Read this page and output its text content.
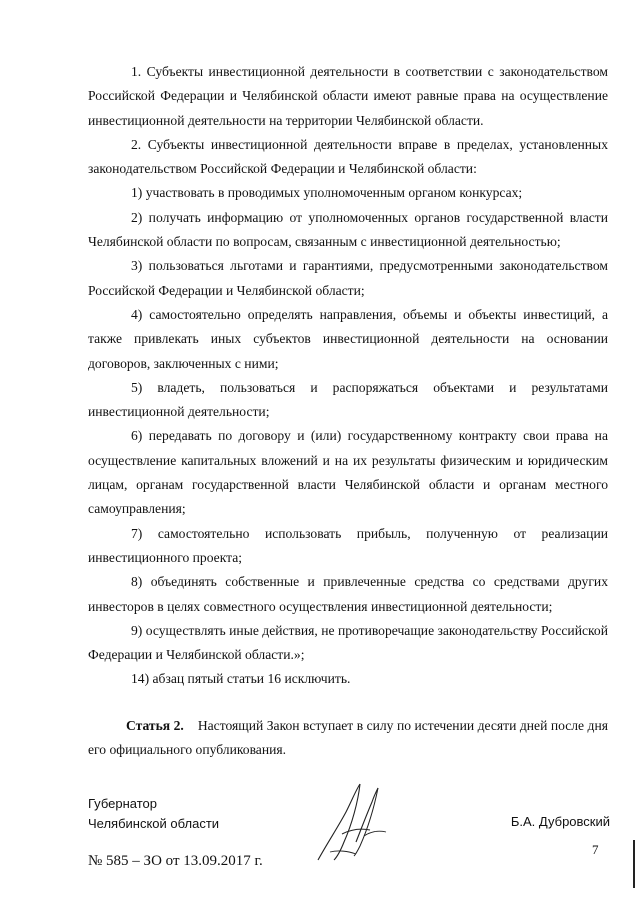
1. Субъекты инвестиционной деятельности в соответствии с законодательством Российской Федерации и Челябинской области имеют равные права на осуществление инвестиционной деятельности на территории Челябинской области.

2. Субъекты инвестиционной деятельности вправе в пределах, установленных законодательством Российской Федерации и Челябинской области:

1) участвовать в проводимых уполномоченным органом конкурсах;

2) получать информацию от уполномоченных органов государственной власти Челябинской области по вопросам, связанным с инвестиционной деятельностью;

3) пользоваться льготами и гарантиями, предусмотренными законодательством Российской Федерации и Челябинской области;

4) самостоятельно определять направления, объемы и объекты инвестиций, а также привлекать иных субъектов инвестиционной деятельности на основании договоров, заключенных с ними;

5) владеть, пользоваться и распоряжаться объектами и результатами инвестиционной деятельности;

6) передавать по договору и (или) государственному контракту свои права на осуществление капитальных вложений и на их результаты физическим и юридическим лицам, органам государственной власти Челябинской области и органам местного самоуправления;

7) самостоятельно использовать прибыль, полученную от реализации инвестиционного проекта;

8) объединять собственные и привлеченные средства со средствами других инвесторов в целях совместного осуществления инвестиционной деятельности;

9) осуществлять иные действия, не противоречащие законодательству Российской Федерации и Челябинской области.»;

14) абзац пятый статьи 16 исключить.

Статья 2. Настоящий Закон вступает в силу по истечении десяти дней после дня его официального опубликования.

Губернатор
Челябинской области	Б.А. Дубровский
7
№ 585 – ЗО от 13.09.2017 г.
